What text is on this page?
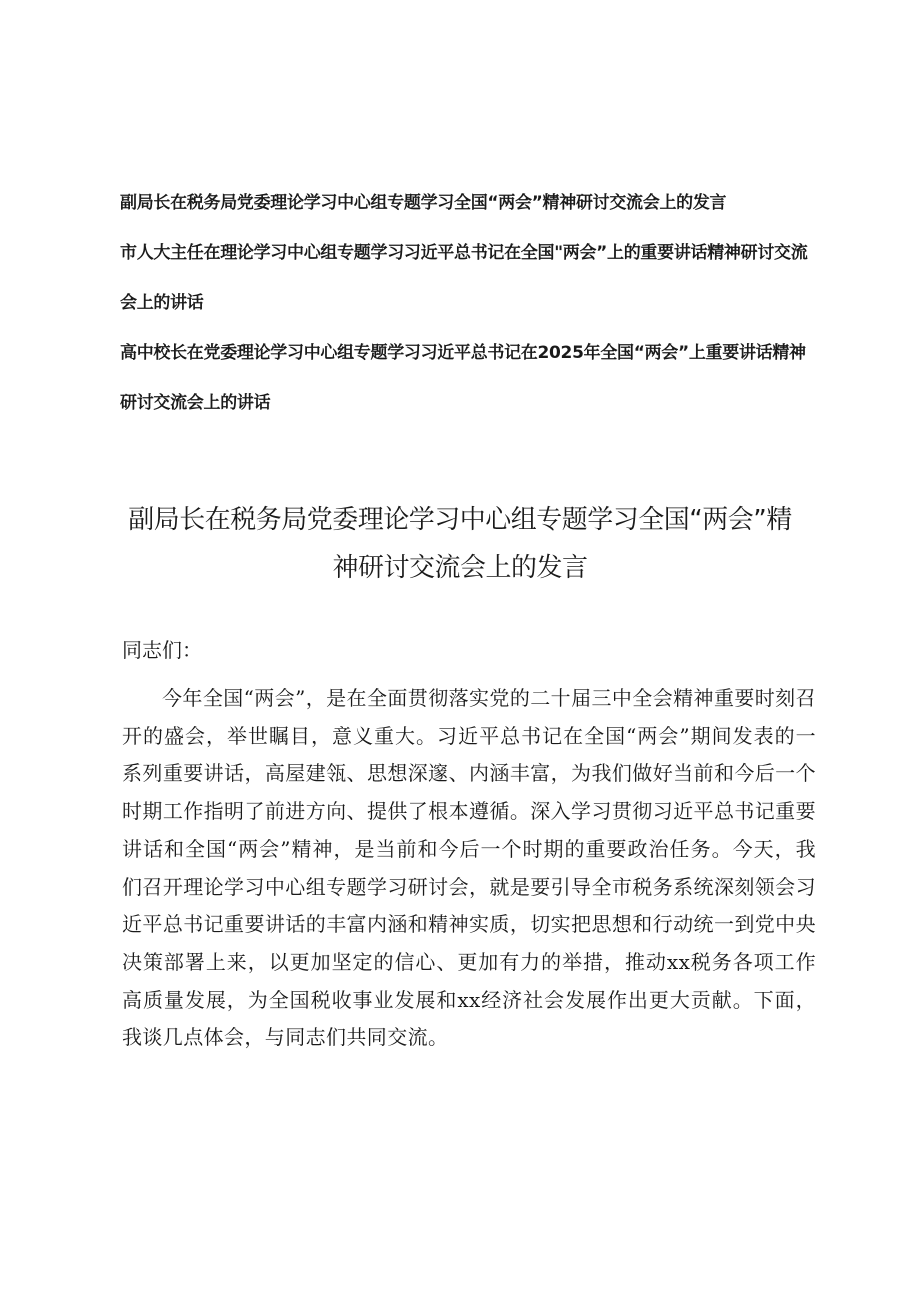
副局长在税务局党委理论学习中心组专题学习全国“两会”精神研讨交流会上的发言

市人大主任在理论学习中心组专题学习习近平总书记在全国"两会”上的重要讲话精神研讨交流会上的讲话

高中校长在党委理论学习中心组专题学习习近平总书记在2025年全国“两会”上重要讲话精神研讨交流会上的讲话

副局长在税务局党委理论学习中心组专题学习全国“两会”精神研讨交流会上的发言
同志们：

今年全国“两会”，是在全面贯彻落实党的二十届三中全会精神重要时刻召开的盛会，举世瞩目，意义重大。习近平总书记在全国“两会”期间发表的一系列重要讲话，高屋建瓴、思想深邃、内涵丰富，为我们做好当前和今后一个时期工作指明了前进方向、提供了根本遵循。深入学习贯彻习近平总书记重要讲话和全国“两会”精神，是当前和今后一个时期的重要政治任务。今天，我们召开理论学习中心组专题学习研讨会，就是要引导全市税务系统深刻领会习近平总书记重要讲话的丰富内涵和精神实质，切实把思想和行动统一到党中央决策部署上来，以更加坚定的信心、更加有力的举措，推动xx税务各项工作高质量发展，为全国税收事业发展和xx经济社会发展作出更大贡献。下面，我谈几点体会，与同志们共同交流。
